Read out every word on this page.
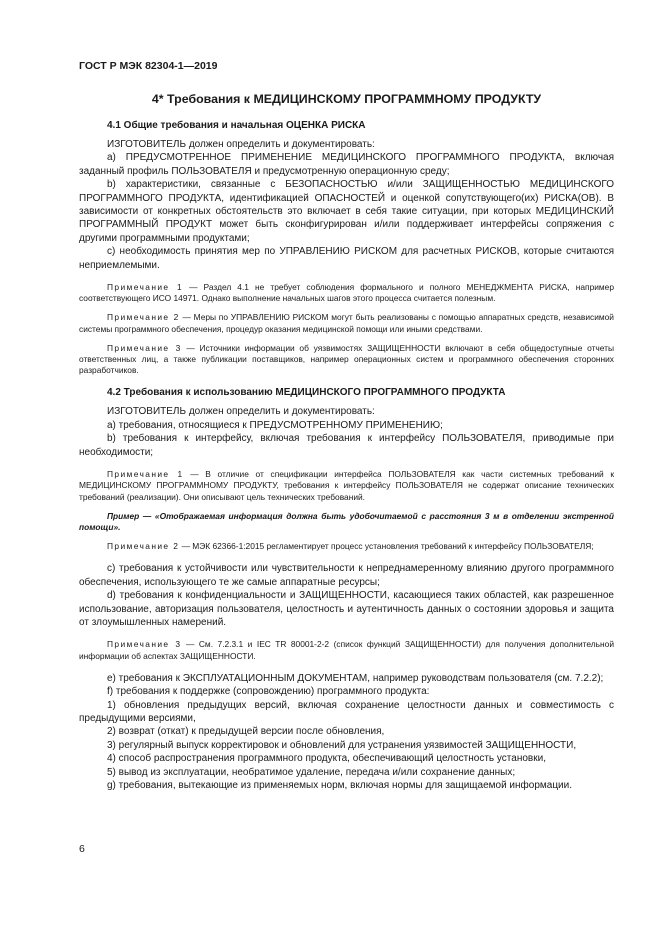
ГОСТ Р МЭК 82304-1—2019
4* Требования к МЕДИЦИНСКОМУ ПРОГРАММНОМУ ПРОДУКТУ
4.1 Общие требования и начальная ОЦЕНКА РИСКА

ИЗГОТОВИТЕЛЬ должен определить и документировать:

а) ПРЕДУСМОТРЕННОЕ ПРИМЕНЕНИЕ МЕДИЦИНСКОГО ПРОГРАММНОГО ПРОДУКТА, включая заданный профиль ПОЛЬЗОВАТЕЛЯ и предусмотренную операционную среду;

b) характеристики, связанные с БЕЗОПАСНОСТЬЮ и/или ЗАЩИЩЕННОСТЬЮ МЕДИЦИНСКОГО ПРОГРАММНОГО ПРОДУКТА, идентификацией ОПАСНОСТЕЙ и оценкой сопутствующего(их) РИСКА(ОВ). В зависимости от конкретных обстоятельств это включает в себя такие ситуации, при которых МЕДИЦИНСКИЙ ПРОГРАММНЫЙ ПРОДУКТ может быть сконфигурирован и/или поддерживает интерфейсы сопряжения с другими программными продуктами;

с) необходимость принятия мер по УПРАВЛЕНИЮ РИСКОМ для расчетных РИСКОВ, которые считаются неприемлемыми.

Примечание 1 — Раздел 4.1 не требует соблюдения формального и полного МЕНЕДЖМЕНТА РИСКА, например соответствующего ИСО 14971. Однако выполнение начальных шагов этого процесса считается полезным.

Примечание 2 — Меры по УПРАВЛЕНИЮ РИСКОМ могут быть реализованы с помощью аппаратных средств, независимой системы программного обеспечения, процедур оказания медицинской помощи или иными средствами.

Примечание 3 — Источники информации об уязвимостях ЗАЩИЩЕННОСТИ включают в себя общедоступные отчеты ответственных лиц, а также публикации поставщиков, например операционных систем и программного обеспечения сторонних разработчиков.

4.2 Требования к использованию МЕДИЦИНСКОГО ПРОГРАММНОГО ПРОДУКТА

ИЗГОТОВИТЕЛЬ должен определить и документировать:

а) требования, относящиеся к ПРЕДУСМОТРЕННОМУ ПРИМЕНЕНИЮ;

b) требования к интерфейсу, включая требования к интерфейсу ПОЛЬЗОВАТЕЛЯ, приводимые при необходимости;

Примечание 1 — В отличие от спецификации интерфейса ПОЛЬЗОВАТЕЛЯ как части системных требований к МЕДИЦИНСКОМУ ПРОГРАММНОМУ ПРОДУКТУ, требования к интерфейсу ПОЛЬЗОВАТЕЛЯ не содержат описание технических требований (реализации). Они описывают цель технических требований.

Пример — «Отображаемая информация должна быть удобочитаемой с расстояния 3 м в отделении экстренной помощи».

Примечание 2 — МЭК 62366-1:2015 регламентирует процесс установления требований к интерфейсу ПОЛЬЗОВАТЕЛЯ;

с) требования к устойчивости или чувствительности к непреднамеренному влиянию другого программного обеспечения, использующего те же самые аппаратные ресурсы;

d) требования к конфиденциальности и ЗАЩИЩЕННОСТИ, касающиеся таких областей, как разрешенное использование, авторизация пользователя, целостность и аутентичность данных о состоянии здоровья и защита от злоумышленных намерений.

Примечание 3 — См. 7.2.3.1 и IEC TR 80001-2-2 (список функций ЗАЩИЩЕННОСТИ) для получения дополнительной информации об аспектах ЗАЩИЩЕННОСТИ.

е) требования к ЭКСПЛУАТАЦИОННЫМ ДОКУМЕНТАМ, например руководствам пользователя (см. 7.2.2);

f) требования к поддержке (сопровождению) программного продукта:

1) обновления предыдущих версий, включая сохранение целостности данных и совместимость с предыдущими версиями,

2) возврат (откат) к предыдущей версии после обновления,

3) регулярный выпуск корректировок и обновлений для устранения уязвимостей ЗАЩИЩЕННОСТИ,

4) способ распространения программного продукта, обеспечивающий целостность установки,

5) вывод из эксплуатации, необратимое удаление, передача и/или сохранение данных;

g) требования, вытекающие из применяемых норм, включая нормы для защищаемой информации.

6
